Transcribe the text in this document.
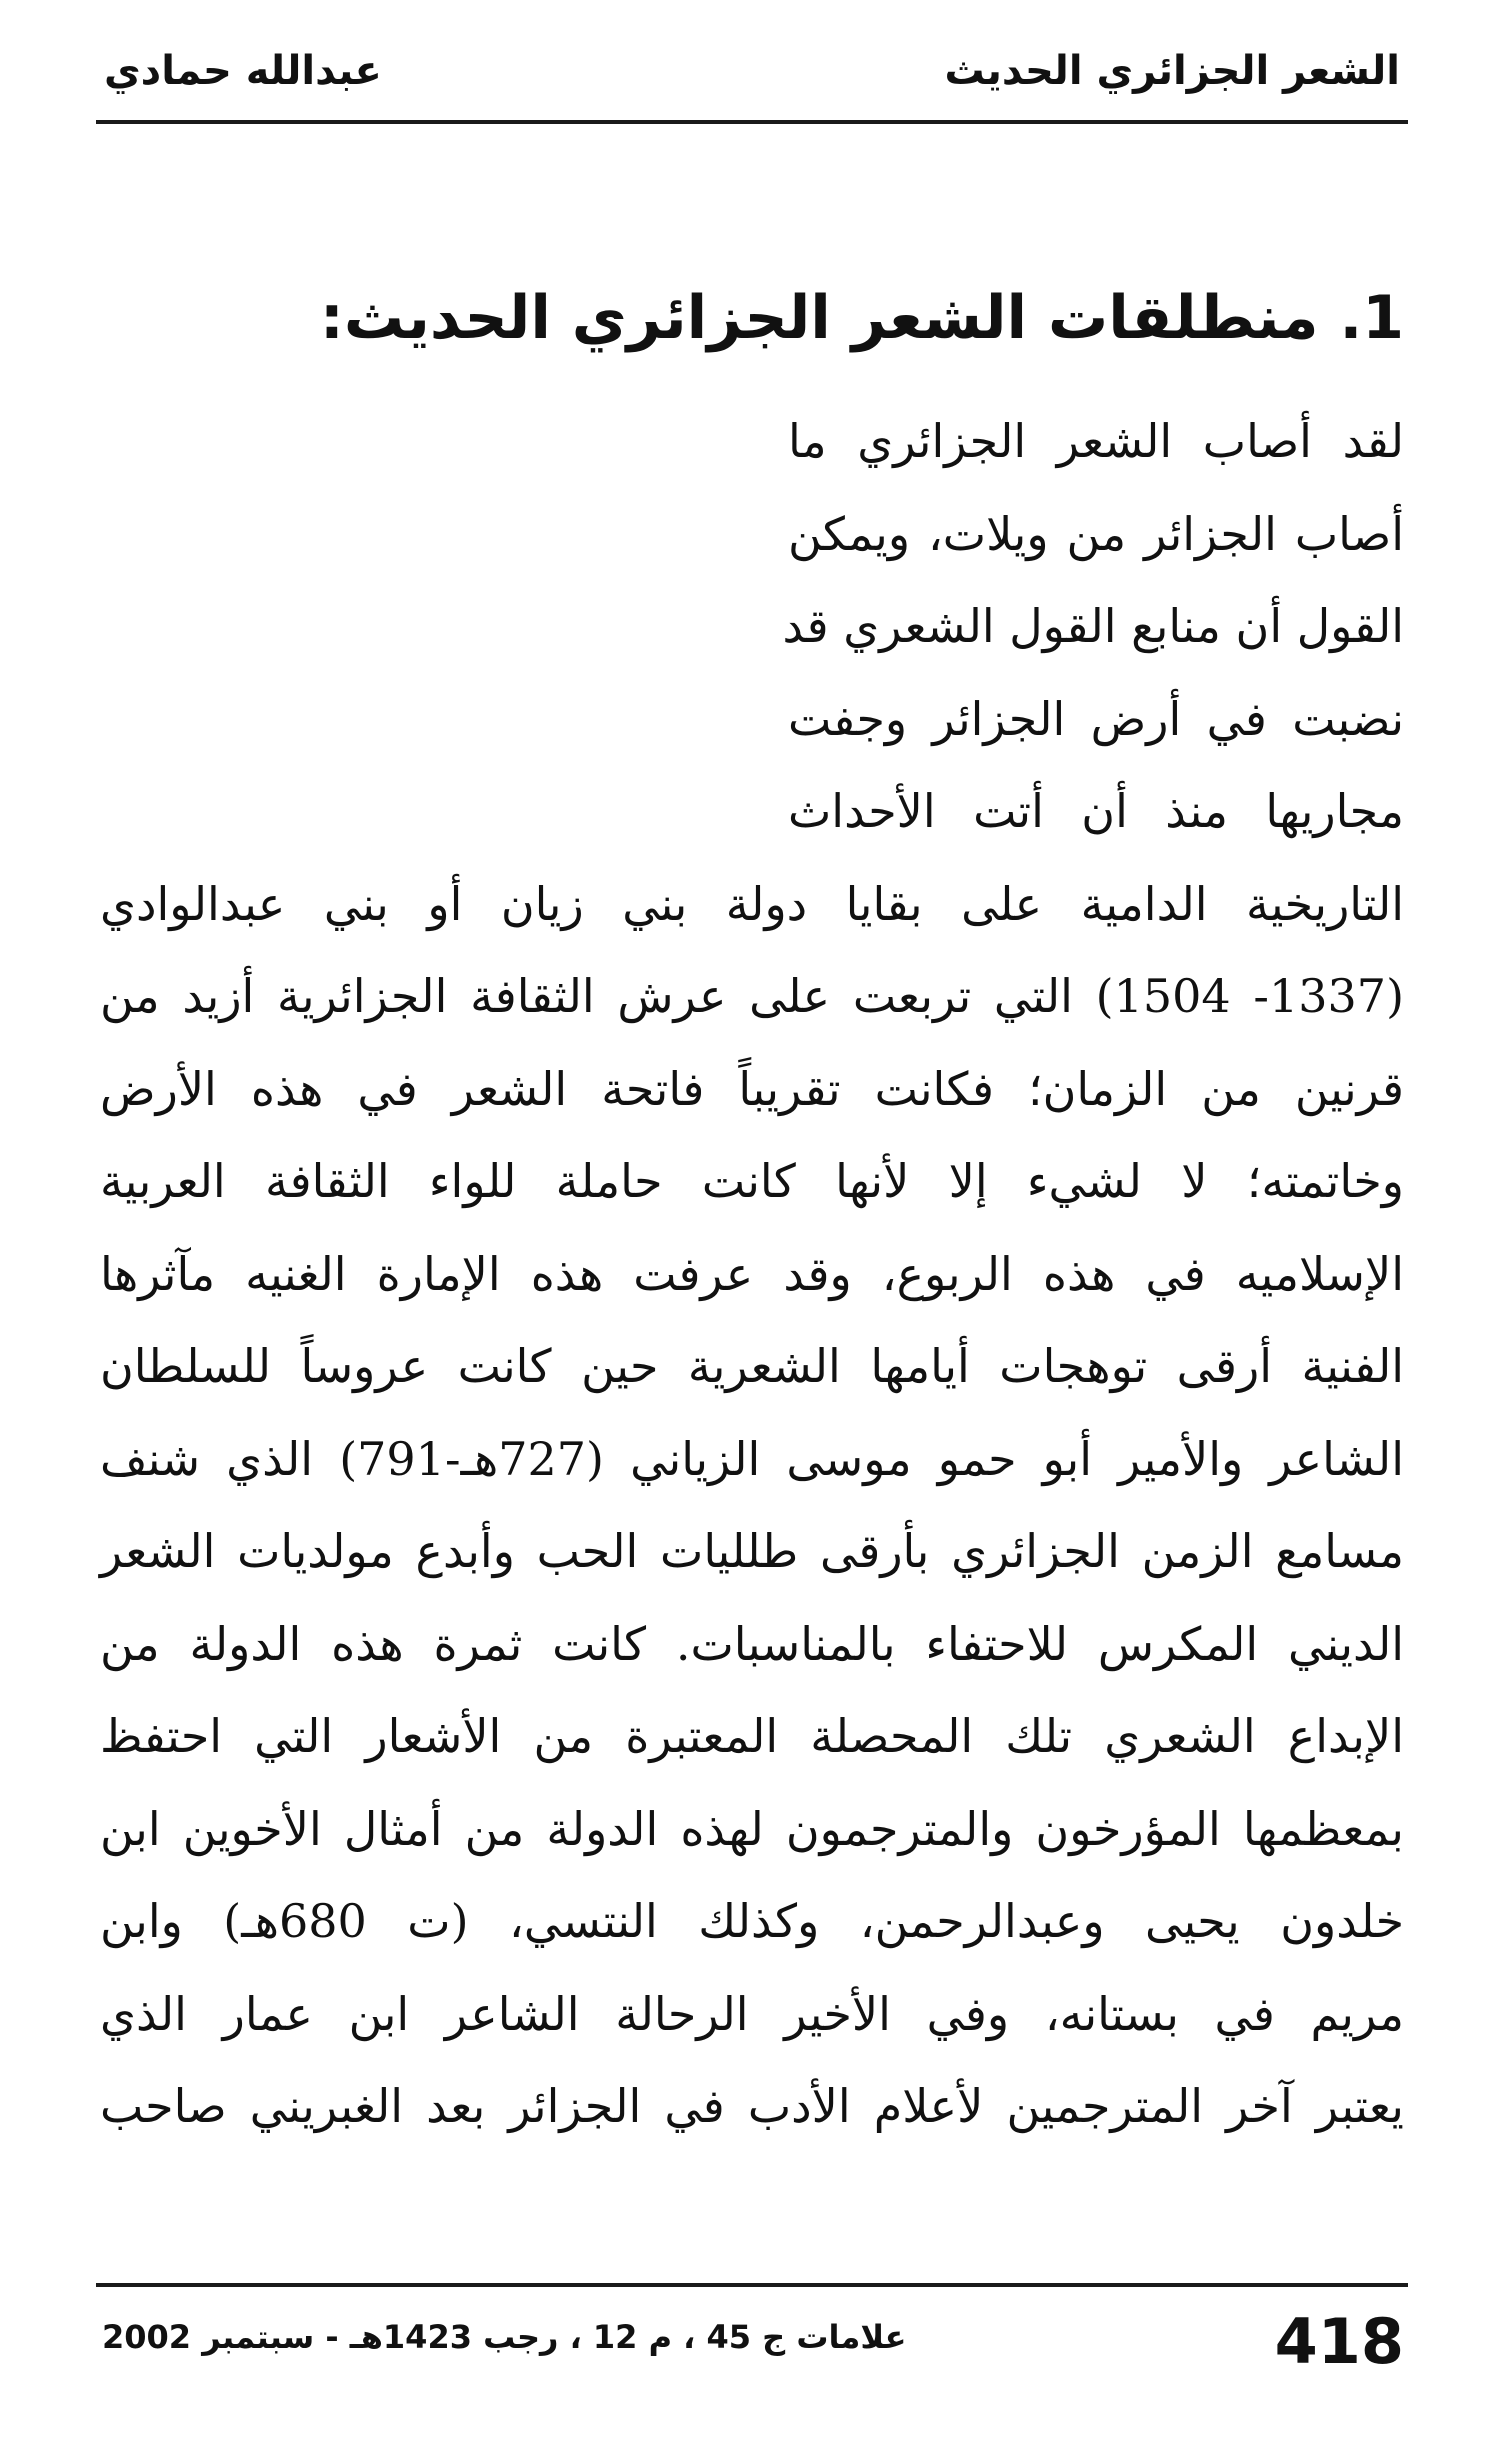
الشعر الجزائري الحديث
عبدالله حمادي
1. منطلقات الشعر الجزائري الحديث:
لقد أصاب الشعر الجزائري ما
أصاب الجزائر من ويلات، ويمكن
القول أن منابع القول الشعري قد
نضبت في أرض الجزائر وجفت
مجاريها منذ أن أتت الأحداث
التاريخية الدامية على بقايا دولة بني زيان أو بني عبدالوادي
(1337- 1504) التي تربعت على عرش الثقافة الجزائرية أزيد من
قرنين من الزمان؛ فكانت تقريباً فاتحة الشعر في هذه الأرض
وخاتمته؛ لا لشيء إلا لأنها كانت حاملة للواء الثقافة العربية
الإسلاميه في هذه الربوع، وقد عرفت هذه الإمارة الغنيه مآثرها
الفنية أرقى توهجات أيامها الشعرية حين كانت عروساً للسلطان
الشاعر والأمير أبو حمو موسى الزياني (727هـ-791) الذي شنف
مسامع الزمن الجزائري بأرقى طلليات الحب وأبدع مولديات الشعر
الديني المكرس للاحتفاء بالمناسبات. كانت ثمرة هذه الدولة من
الإبداع الشعري تلك المحصلة المعتبرة من الأشعار التي احتفظ
بمعظمها المؤرخون والمترجمون لهذه الدولة من أمثال الأخوين ابن
خلدون يحيى وعبدالرحمن، وكذلك النتسي، (ت 680هـ) وابن
مريم في بستانه، وفي الأخير الرحالة الشاعر ابن عمار الذي
يعتبر آخر المترجمين لأعلام الأدب في الجزائر بعد الغبريني صاحب
418
علامات ج 45 ، م 12 ، رجب 1423هـ - سبتمبر 2002
